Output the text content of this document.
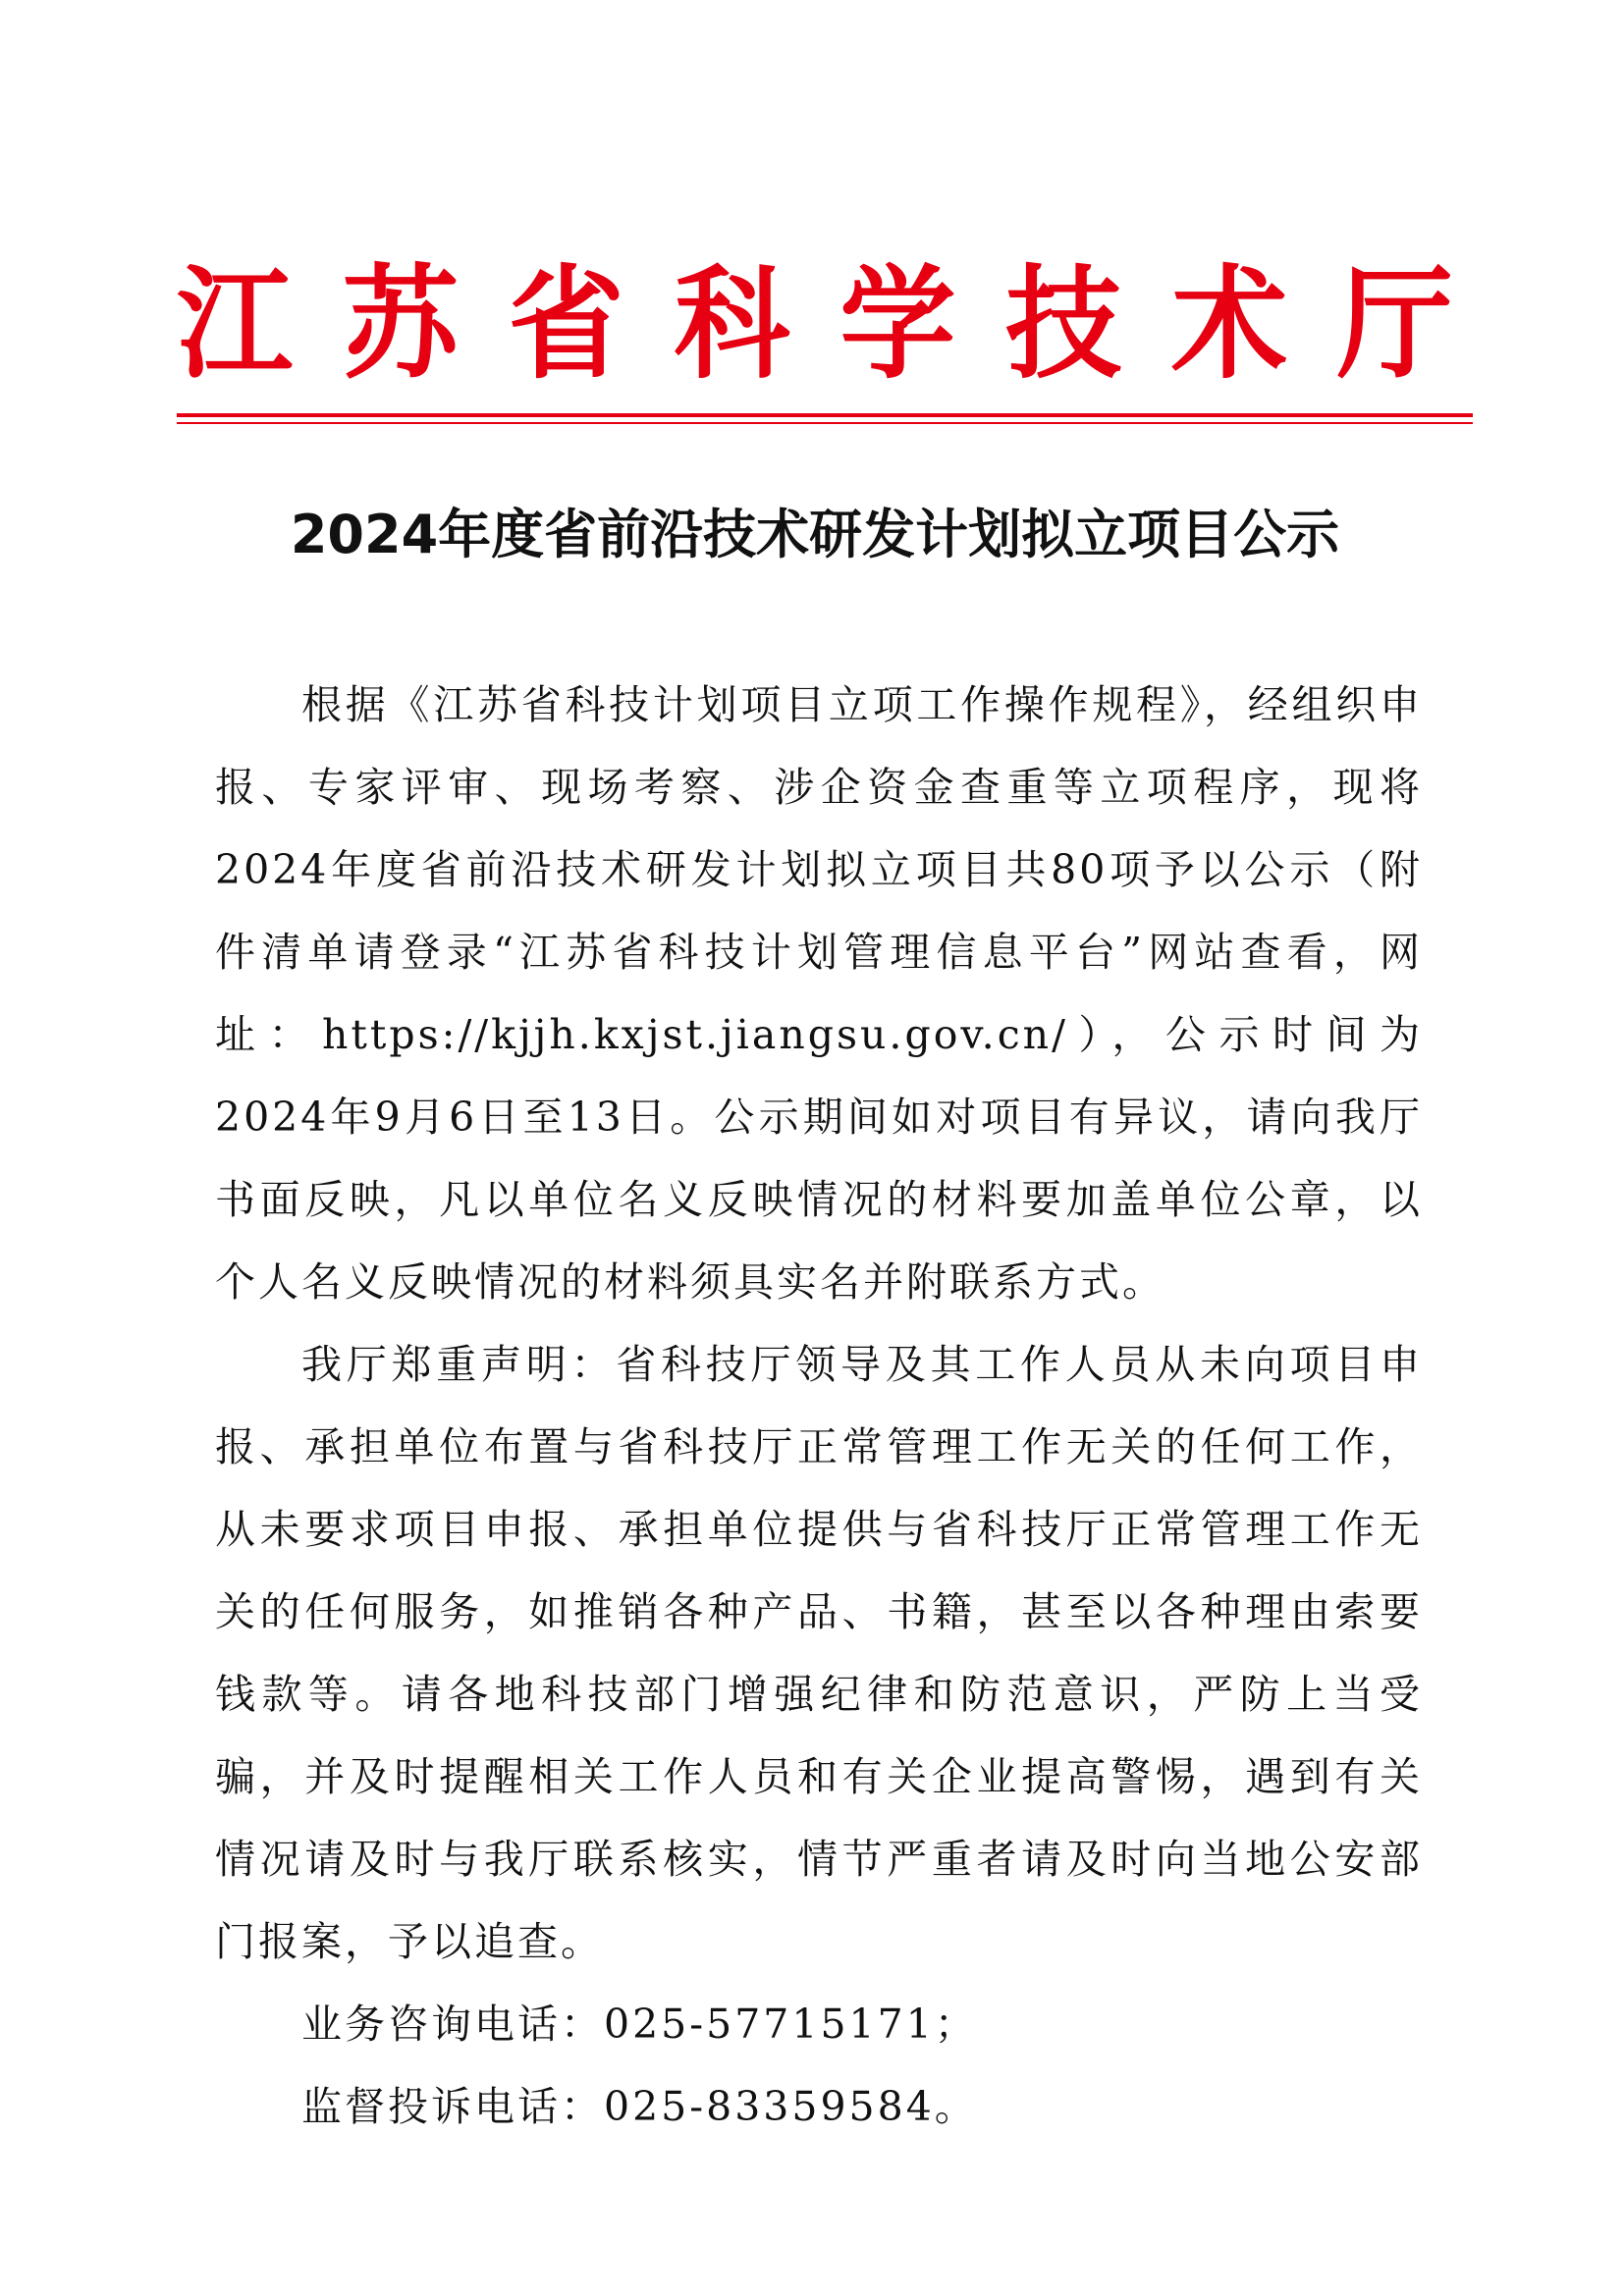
江 苏 省 科 学 技 术 厅
2024年度省前沿技术研发计划拟立项目公示

根据《江苏省科技计划项目立项工作操作规程》，经组织申报、专家评审、现场考察、涉企资金查重等立项程序，现将2024年度省前沿技术研发计划拟立项目共80项予以公示（附件清单请登录“江苏省科技计划管理信息平台”网站查看，网址：https://kjjh.kxjst.jiangsu.gov.cn/），公示时间为2024年9月6日至13日。公示期间如对项目有异议，请向我厅书面反映，凡以单位名义反映情况的材料要加盖单位公章，以个人名义反映情况的材料须具实名并附联系方式。

我厅郑重声明：省科技厅领导及其工作人员从未向项目申报、承担单位布置与省科技厅正常管理工作无关的任何工作，从未要求项目申报、承担单位提供与省科技厅正常管理工作无关的任何服务，如推销各种产品、书籍，甚至以各种理由索要钱款等。请各地科技部门增强纪律和防范意识，严防上当受骗，并及时提醒相关工作人员和有关企业提高警惕，遇到有关情况请及时与我厅联系核实，情节严重者请及时向当地公安部门报案，予以追查。

业务咨询电话：025-57715171；

监督投诉电话：025-83359584。
